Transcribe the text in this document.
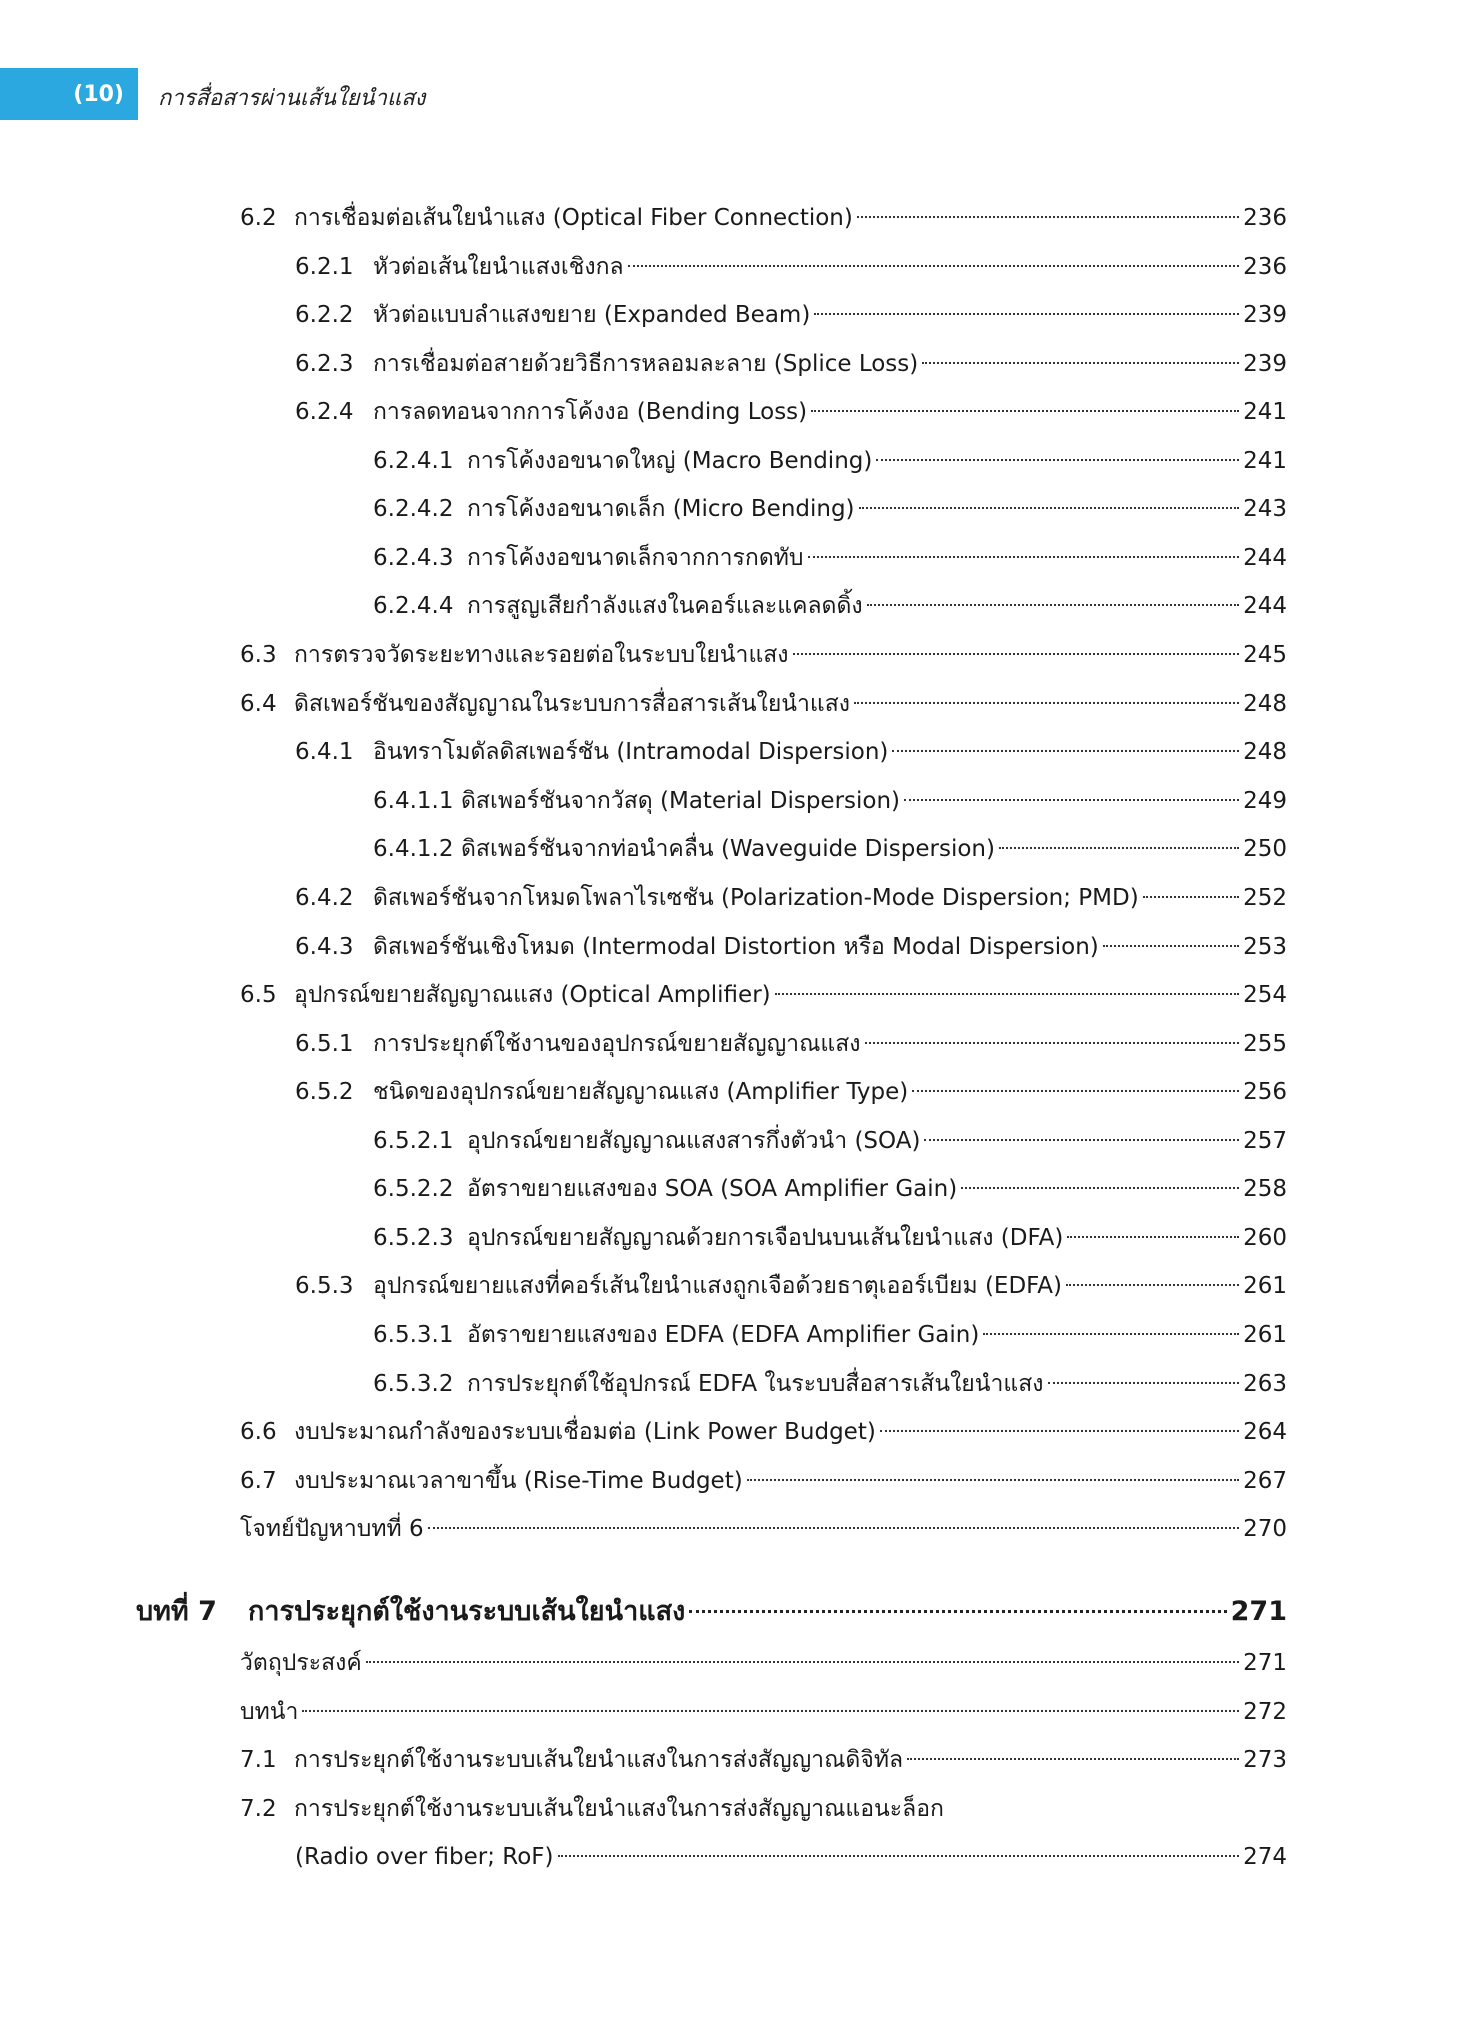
(10) การสื่อสารผ่านเส้นใยนำแสง
6.2 การเชื่อมต่อเส้นใยนำแสง (Optical Fiber Connection)	236
6.2.1 หัวต่อเส้นใยนำแสงเชิงกล	236
6.2.2 หัวต่อแบบลำแสงขยาย (Expanded Beam)	239
6.2.3 การเชื่อมต่อสายด้วยวิธีการหลอมละลาย (Splice Loss)	239
6.2.4 การลดทอนจากการโค้งงอ (Bending Loss)	241
6.2.4.1 การโค้งงอขนาดใหญ่ (Macro Bending)	241
6.2.4.2 การโค้งงอขนาดเล็ก (Micro Bending)	243
6.2.4.3 การโค้งงอขนาดเล็กจากการกดทับ	244
6.2.4.4 การสูญเสียกำลังแสงในคอร์และแคลดดิ้ง	244
6.3 การตรวจวัดระยะทางและรอยต่อในระบบใยนำแสง	245
6.4 ดิสเพอร์ชันของสัญญาณในระบบการสื่อสารเส้นใยนำแสง	248
6.4.1 อินทราโมดัลดิสเพอร์ชัน (Intramodal Dispersion)	248
6.4.1.1 ดิสเพอร์ชันจากวัสดุ (Material Dispersion)	249
6.4.1.2 ดิสเพอร์ชันจากท่อนำคลื่น (Waveguide Dispersion)	250
6.4.2 ดิสเพอร์ชันจากโหมดโพลาไรเซชัน (Polarization-Mode Dispersion; PMD)	252
6.4.3 ดิสเพอร์ชันเชิงโหมด (Intermodal Distortion หรือ Modal Dispersion)	253
6.5 อุปกรณ์ขยายสัญญาณแสง (Optical Amplifier)	254
6.5.1 การประยุกต์ใช้งานของอุปกรณ์ขยายสัญญาณแสง	255
6.5.2 ชนิดของอุปกรณ์ขยายสัญญาณแสง (Amplifier Type)	256
6.5.2.1 อุปกรณ์ขยายสัญญาณแสงสารกึ่งตัวนำ (SOA)	257
6.5.2.2 อัตราขยายแสงของ SOA (SOA Amplifier Gain)	258
6.5.2.3 อุปกรณ์ขยายสัญญาณด้วยการเจือปนบนเส้นใยนำแสง (DFA)	260
6.5.3 อุปกรณ์ขยายแสงที่คอร์เส้นใยนำแสงถูกเจือด้วยธาตุเออร์เบียม (EDFA)	261
6.5.3.1 อัตราขยายแสงของ EDFA (EDFA Amplifier Gain)	261
6.5.3.2 การประยุกต์ใช้อุปกรณ์ EDFA ในระบบสื่อสารเส้นใยนำแสง	263
6.6 งบประมาณกำลังของระบบเชื่อมต่อ (Link Power Budget)	264
6.7 งบประมาณเวลาขาขึ้น (Rise-Time Budget)	267
โจทย์ปัญหาบทที่ 6	270
บทที่ 7	การประยุกต์ใช้งานระบบเส้นใยนำแสง	271
วัตถุประสงค์	271
บทนำ	272
7.1 การประยุกต์ใช้งานระบบเส้นใยนำแสงในการส่งสัญญาณดิจิทัล	273
7.2 การประยุกต์ใช้งานระบบเส้นใยนำแสงในการส่งสัญญาณแอนะล็อก
(Radio over fiber; RoF)	274
